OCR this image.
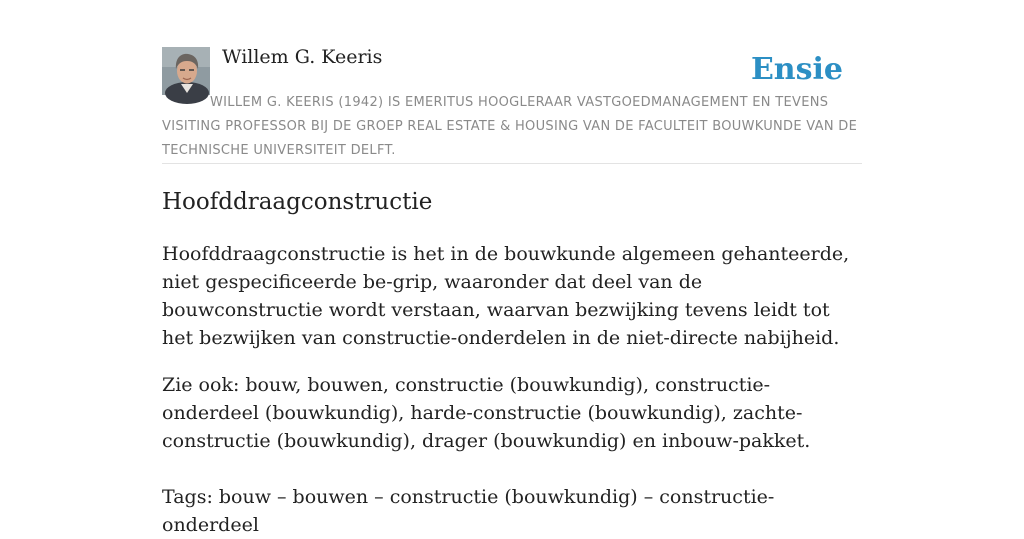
Willem G. Keeris	Ensie

WILLEM G. KEERIS (1942) IS EMERITUS HOOGLERAAR VASTGOEDMANAGEMENT EN TEVENS VISITING PROFESSOR BIJ DE GROEP REAL ESTATE & HOUSING VAN DE FACULTEIT BOUWKUNDE VAN DE TECHNISCHE UNIVERSITEIT DELFT.

Hoofddraagconstructie

Hoofddraagconstructie is het in de bouwkunde algemeen gehanteerde, niet gespecificeerde be-grip, waaronder dat deel van de bouwconstructie wordt verstaan, waarvan bezwijking tevens leidt tot het bezwijken van constructie-onderdelen in de niet-directe nabijheid.

Zie ook: bouw, bouwen, constructie (bouwkundig), constructie-onderdeel (bouwkundig), harde-constructie (bouwkundig), zachte-constructie (bouwkundig), drager (bouwkundig) en inbouw-pakket.

Tags: bouw – bouwen – constructie (bouwkundig) – constructie-onderdeel
